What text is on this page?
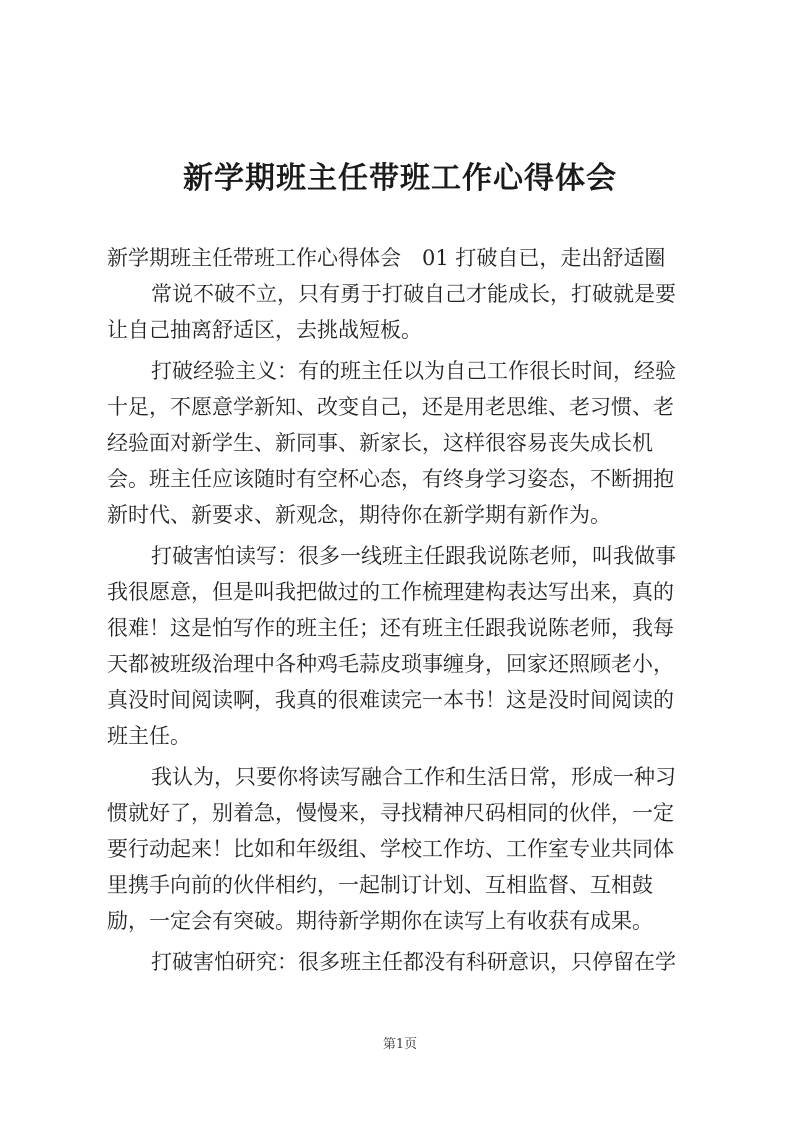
新学期班主任带班工作心得体会
新学期班主任带班工作心得体会　01 打破自已，走出舒适圈
常说不破不立，只有勇于打破自己才能成长，打破就是要
让自己抽离舒适区，去挑战短板。
打破经验主义：有的班主任以为自己工作很长时间，经验
十足，不愿意学新知、改变自己，还是用老思维、老习惯、老
经验面对新学生、新同事、新家长，这样很容易丧失成长机
会。班主任应该随时有空杯心态，有终身学习姿态，不断拥抱
新时代、新要求、新观念，期待你在新学期有新作为。
打破害怕读写：很多一线班主任跟我说陈老师，叫我做事
我很愿意，但是叫我把做过的工作梳理建构表达写出来，真的
很难！这是怕写作的班主任；还有班主任跟我说陈老师，我每
天都被班级治理中各种鸡毛蒜皮琐事缠身，回家还照顾老小，
真没时间阅读啊，我真的很难读完一本书！这是没时间阅读的
班主任。
我认为，只要你将读写融合工作和生活日常，形成一种习
惯就好了，别着急，慢慢来，寻找精神尺码相同的伙伴，一定
要行动起来！比如和年级组、学校工作坊、工作室专业共同体
里携手向前的伙伴相约，一起制订计划、互相监督、互相鼓
励，一定会有突破。期待新学期你在读写上有收获有成果。
打破害怕研究：很多班主任都没有科研意识，只停留在学
第1页
